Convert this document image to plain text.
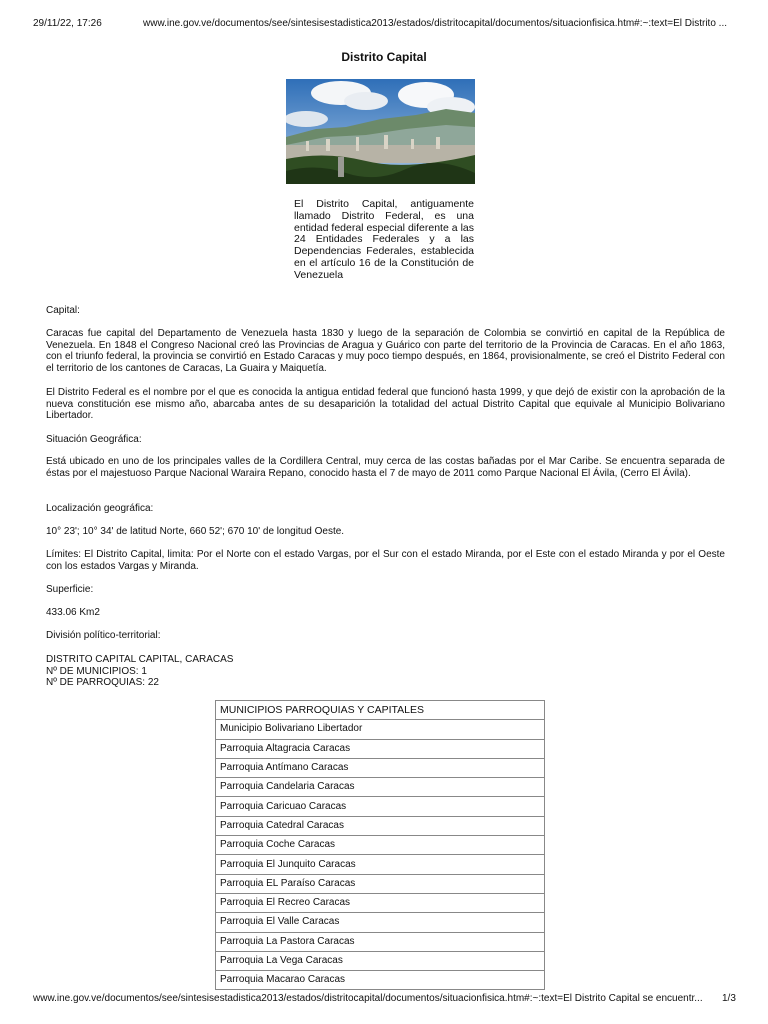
29/11/22, 17:26	www.ine.gov.ve/documentos/see/sintesisestadistica2013/estados/distritocapital/documentos/situacionfisica.htm#:~:text=El Distrito ...
Distrito Capital
El Distrito Capital, antiguamente llamado Distrito Federal, es una entidad federal especial diferente a las 24 Entidades Federales y a las Dependencias Federales, establecida en el artículo 16 de la Constitución de Venezuela
Capital:
Caracas fue capital del Departamento de Venezuela hasta 1830 y luego de la separación de Colombia se convirtió en capital de la República de Venezuela. En 1848 el Congreso Nacional creó las Provincias de Aragua y Guárico con parte del territorio de la Provincia de Caracas. En el año 1863, con el triunfo federal, la provincia se convirtió en Estado Caracas y muy poco tiempo después, en 1864, provisionalmente, se creó el Distrito Federal con el territorio de los cantones de Caracas, La Guaira y Maiquetía.
El Distrito Federal es el nombre por el que es conocida la antigua entidad federal que funcionó hasta 1999, y que dejó de existir con la aprobación de la nueva constitución ese mismo año, abarcaba antes de su desaparición la totalidad del actual Distrito Capital que equivale al Municipio Bolivariano Libertador.
Situación Geográfica:
Está ubicado en uno de los principales valles de la Cordillera Central, muy cerca de las costas bañadas por el Mar Caribe. Se encuentra separada de éstas por el majestuoso Parque Nacional Waraira Repano, conocido hasta el 7 de mayo de 2011 como Parque Nacional El Ávila, (Cerro El Ávila).
Localización geográfica:
10° 23'; 10° 34' de latitud Norte, 660 52'; 670 10' de longitud Oeste.
Límites: El Distrito Capital, limita: Por el Norte con el estado Vargas, por el Sur con el estado Miranda, por el Este con el estado Miranda y por el Oeste con los estados Vargas y Miranda.
Superficie:
433.06 Km2
División político-territorial:
DISTRITO CAPITAL CAPITAL, CARACAS
Nº DE MUNICIPIOS: 1
Nº DE PARROQUIAS: 22
MUNICIPIOS PARROQUIAS Y CAPITALES
Municipio Bolivariano Libertador
Parroquia Altagracia Caracas
Parroquia Antímano Caracas
Parroquia Candelaria Caracas
Parroquia Caricuao Caracas
Parroquia Catedral Caracas
Parroquia Coche Caracas
Parroquia El Junquito Caracas
Parroquia EL Paraíso Caracas
Parroquia El Recreo Caracas
Parroquia El Valle Caracas
Parroquia La Pastora Caracas
Parroquia La Vega Caracas
Parroquia Macarao Caracas
www.ine.gov.ve/documentos/see/sintesisestadistica2013/estados/distritocapital/documentos/situacionfisica.htm#:~:text=El Distrito Capital se encuentr... 1/3
